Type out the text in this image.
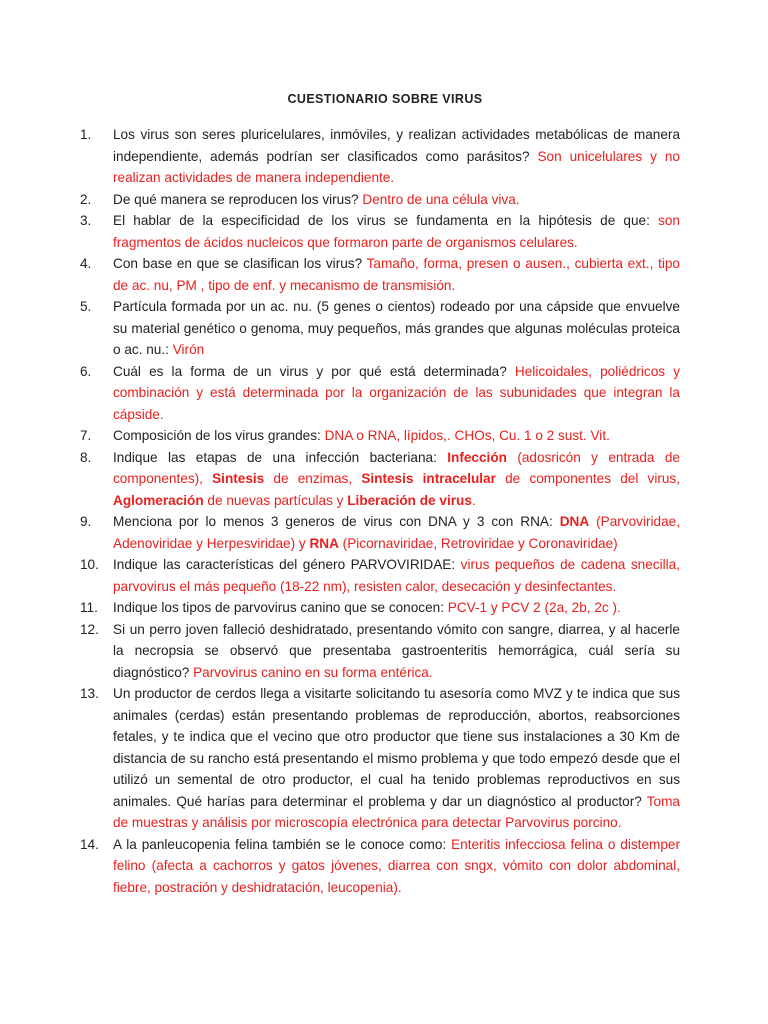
CUESTIONARIO SOBRE VIRUS
1. Los virus son seres pluricelulares, inmóviles, y realizan actividades metabólicas de manera independiente, además podrían ser clasificados como parásitos? Son unicelulares y no realizan actividades de manera independiente.
2. De qué manera se reproducen los virus? Dentro de una célula viva.
3. El hablar de la especificidad de los virus se fundamenta en la hipótesis de que: son fragmentos de ácidos nucleicos que formaron parte de organismos celulares.
4. Con base en que se clasifican los virus? Tamaño, forma, presen o ausen., cubierta ext., tipo de ac. nu, PM , tipo de enf. y mecanismo de transmisión.
5. Partícula formada por un ac. nu. (5 genes o cientos) rodeado por una cápside que envuelve su material genético o genoma, muy pequeños, más grandes que algunas moléculas proteica o ac. nu.: Virón
6. Cuál es la forma de un virus y por qué está determinada? Helicoidales, poliédricos y combinación y está determinada por la organización de las subunidades que integran la cápside.
7. Composición de los virus grandes: DNA o RNA, lípidos,. CHOs, Cu. 1 o 2 sust. Vit.
8. Indique las etapas de una infección bacteriana: Infección (adosricón y entrada de componentes), Sintesis de enzimas, Sintesis intracelular de componentes del virus, Aglomeración de nuevas partículas y Liberación de virus.
9. Menciona por lo menos 3 generos de virus con DNA y 3 con RNA: DNA (Parvoviridae, Adenoviridae y Herpesviridae) y RNA (Picornaviridae, Retroviridae y Coronaviridae)
10. Indique las características del género PARVOVIRIDAE: virus pequeños de cadena snecilla, parvovirus el más pequeño (18-22 nm), resisten calor, desecación y desinfectantes.
11. Indique los tipos de parvovirus canino que se conocen: PCV-1 y PCV 2 (2a, 2b, 2c ).
12. Si un perro joven falleció deshidratado, presentando vómito con sangre, diarrea, y al hacerle la necropsia se observó que presentaba gastroenteritis hemorrágica, cuál sería su diagnóstico? Parvovirus canino en su forma entérica.
13. Un productor de cerdos llega a visitarte solicitando tu asesoría como MVZ y te indica que sus animales (cerdas) están presentando problemas de reproducción, abortos, reabsorciones fetales, y te indica que el vecino que otro productor que tiene sus instalaciones a 30 Km de distancia de su rancho está presentando el mismo problema y que todo empezó desde que el utilizó un semental de otro productor, el cual ha tenido problemas reproductivos en sus animales. Qué harías para determinar el problema y dar un diagnóstico al productor? Toma de muestras y análisis por microscopía electrónica para detectar Parvovirus porcino.
14. A la panleucopenia felina también se le conoce como: Enteritis infecciosa felina o distemper felino (afecta a cachorros y gatos jóvenes, diarrea con sngx, vómito con dolor abdominal, fiebre, postración y deshidratación, leucopenia).
